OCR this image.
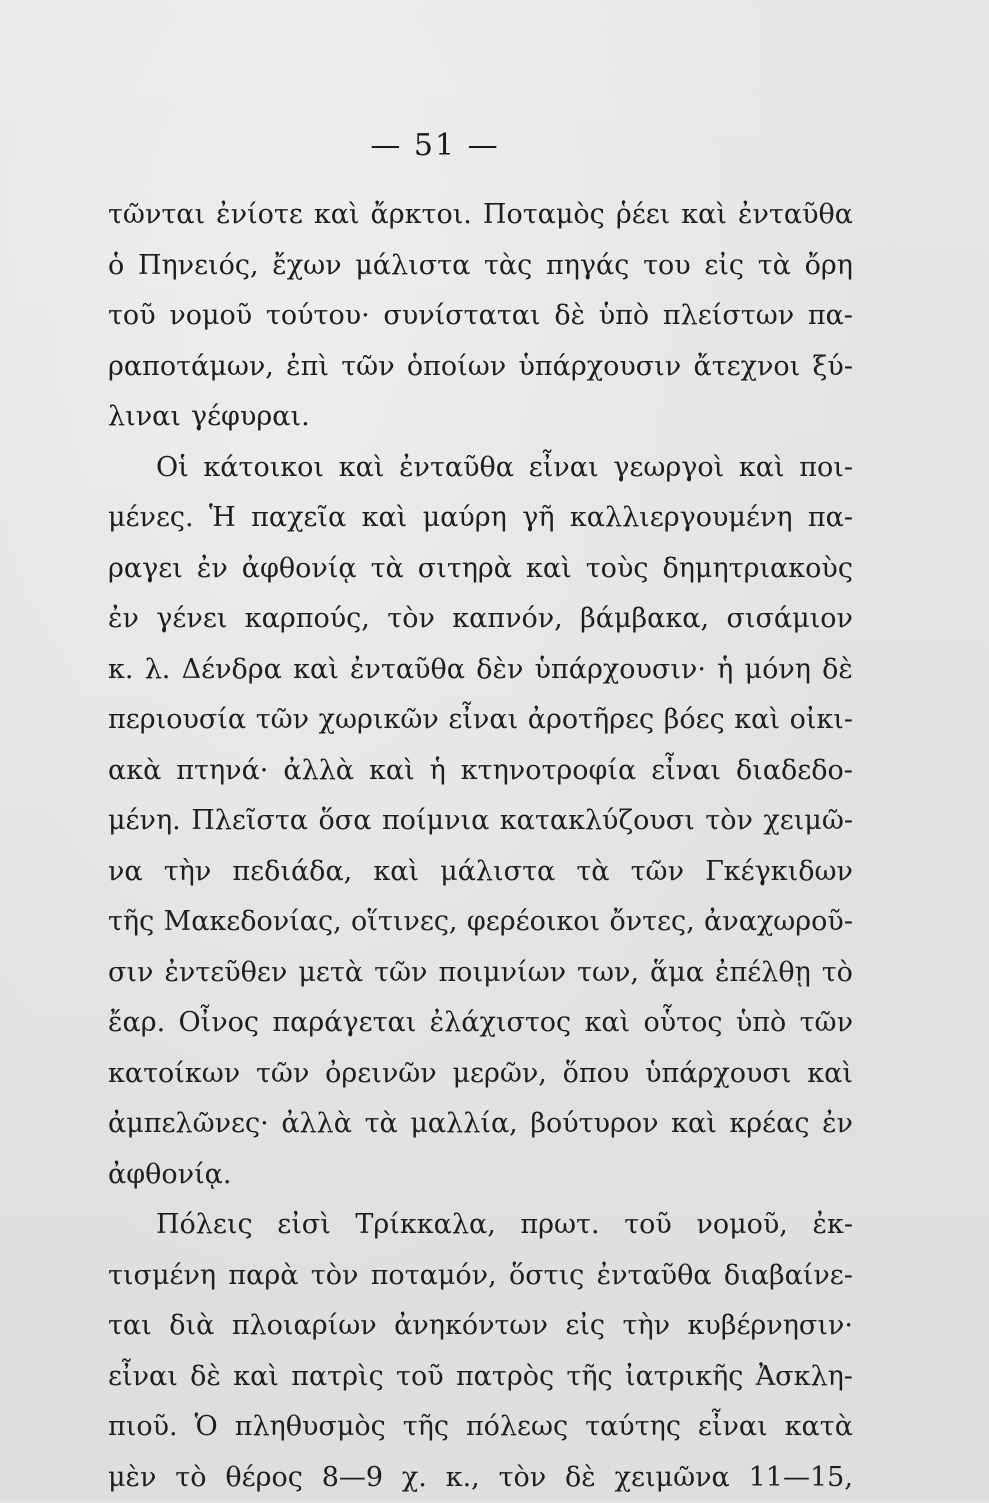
— 51 —
τῶνται ἐνίοτε καὶ ἄρκτοι. Ποταμὸς ῥέει καὶ ἐνταῦθα
ὁ Πηνειός, ἔχων μάλιστα τὰς πηγάς του εἰς τὰ ὄρη
τοῦ νομοῦ τούτου· συνίσταται δὲ ὑπὸ πλείστων πα-
ραποτάμων, ἐπὶ τῶν ὁποίων ὑπάρχουσιν ἄτεχνοι ξύ-
λιναι γέφυραι.
Οἱ κάτοικοι καὶ ἐνταῦθα εἶναι γεωργοὶ καὶ ποι-
μένες. Ἡ παχεῖα καὶ μαύρη γῆ καλλιεργουμένη πα-
ραγει ἐν ἀφθονίᾳ τὰ σιτηρὰ καὶ τοὺς δημητριακοὺς
ἐν γένει καρπούς, τὸν καπνόν, βάμβακα, σισάμιον
κ. λ. Δένδρα καὶ ἐνταῦθα δὲν ὑπάρχουσιν· ἡ μόνη δὲ
περιουσία τῶν χωρικῶν εἶναι ἀροτῆρες βόες καὶ οἰκι-
ακὰ πτηνά· ἀλλὰ καὶ ἡ κτηνοτροφία εἶναι διαδεδο-
μένη. Πλεῖστα ὅσα ποίμνια κατακλύζουσι τὸν χειμῶ-
να τὴν πεδιάδα, καὶ μάλιστα τὰ τῶν Γκέγκιδων
τῆς Μακεδονίας, οἵτινες, φερέοικοι ὄντες, ἀναχωροῦ-
σιν ἐντεῦθεν μετὰ τῶν ποιμνίων των, ἅμα ἐπέλθῃ τὸ
ἔαρ. Οἶνος παράγεται ἐλάχιστος καὶ οὗτος ὑπὸ τῶν
κατοίκων τῶν ὀρεινῶν μερῶν, ὅπου ὑπάρχουσι καὶ
ἀμπελῶνες· ἀλλὰ τὰ μαλλία, βούτυρον καὶ κρέας ἐν
ἀφθονίᾳ.
Πόλεις εἰσὶ Τρίκκαλα, πρωτ. τοῦ νομοῦ, ἐκ-
τισμένη παρὰ τὸν ποταμόν, ὅστις ἐνταῦθα διαβαίνε-
ται διὰ πλοιαρίων ἀνηκόντων εἰς τὴν κυβέρνησιν·
εἶναι δὲ καὶ πατρὶς τοῦ πατρὸς τῆς ἰατρικῆς Ἀσκλη-
πιοῦ. Ὁ πληθυσμὸς τῆς πόλεως ταύτης εἶναι κατὰ
μὲν τὸ θέρος 8—9 χ. κ., τὸν δὲ χειμῶνα 11—15,
